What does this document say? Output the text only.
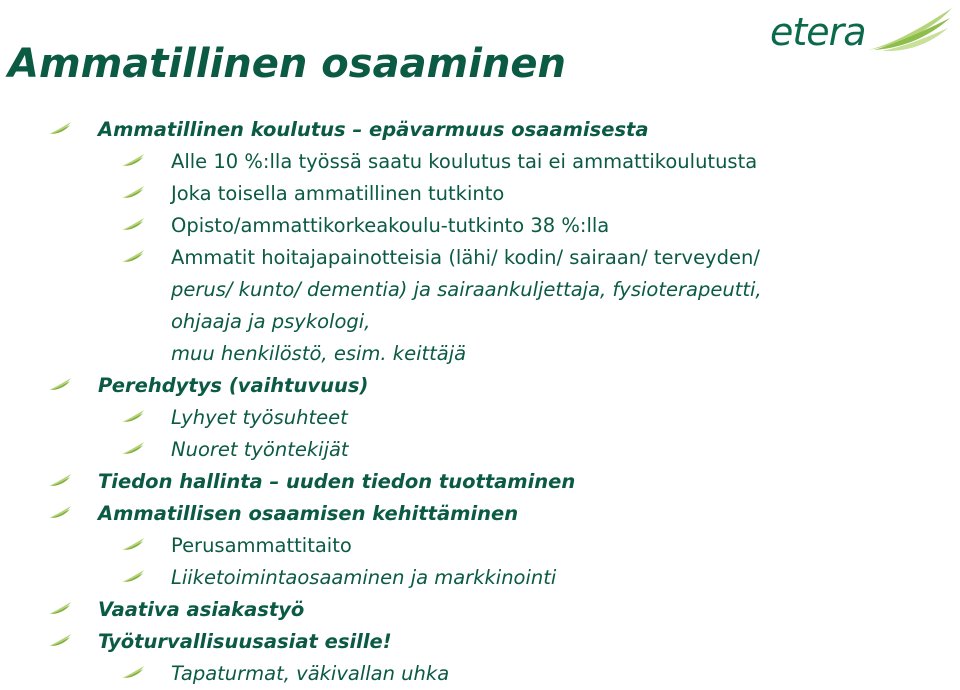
Ammatillinen osaaminen
etera
Ammatillinen koulutus – epävarmuus osaamisesta
Alle 10 %:lla työssä saatu koulutus tai ei ammattikoulutusta
Joka toisella ammatillinen tutkinto
Opisto/ammattikorkeakoulu-tutkinto 38 %:lla
Ammatit hoitajapainotteisia (lähi/ kodin/ sairaan/ terveyden/
perus/ kunto/ dementia) ja sairaankuljettaja, fysioterapeutti,
ohjaaja ja psykologi,
muu henkilöstö, esim. keittäjä
Perehdytys (vaihtuvuus)
Lyhyet työsuhteet
Nuoret työntekijät
Tiedon hallinta – uuden tiedon tuottaminen
Ammatillisen osaamisen kehittäminen
Perusammattitaito
Liiketoimintaosaaminen ja markkinointi
Vaativa asiakastyö
Työturvallisuusasiat esille!
Tapaturmat, väkivallan uhka
